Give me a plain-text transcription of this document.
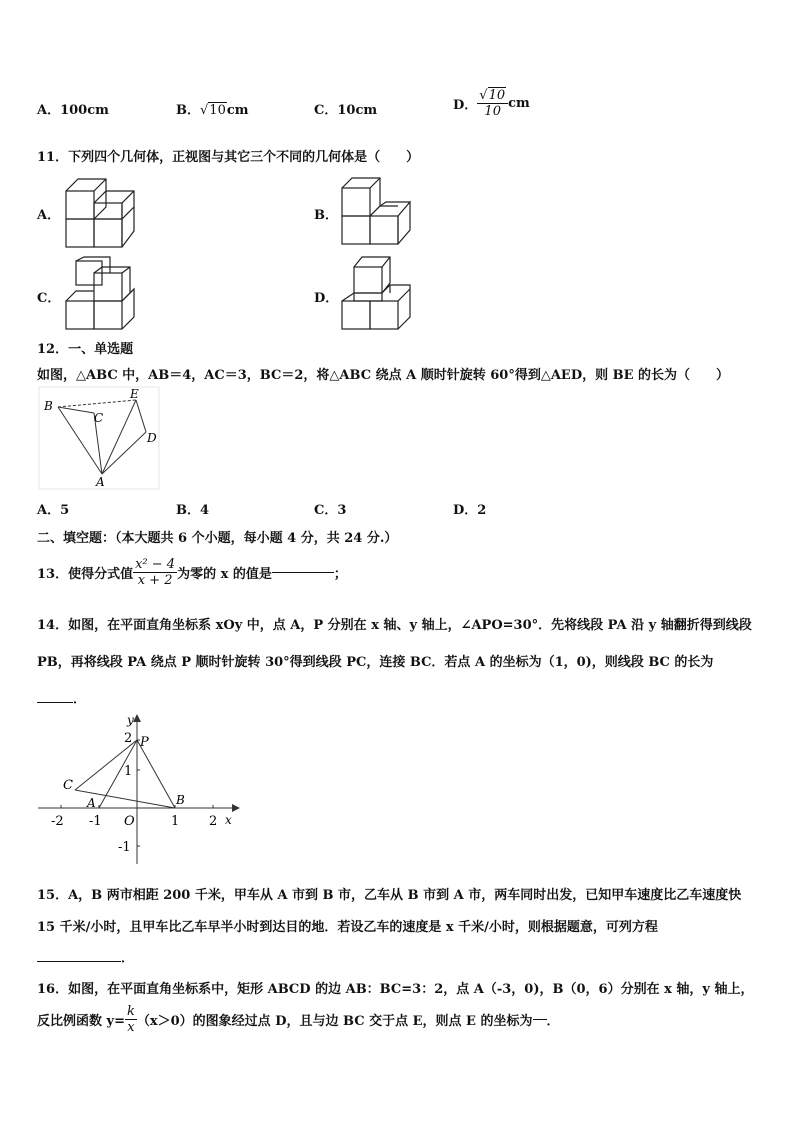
A．100cm	B．√10cm	C．10cm	D． $\frac{√10}{10}$ cm
11．下列四个几何体，正视图与其它三个不同的几何体是（　　）
A．	B．
C．	D．
12．一、单选题
如图，△ABC 中，AB＝4，AC＝3，BC＝2，将△ABC 绕点 A 顺时针旋转 60°得到△AED，则 BE 的长为（　　）
B
C
E
D
A
A．5	B．4	C．3	D．2
二、填空题：（本大题共 6 个小题，每小题 4 分，共 24 分.）
13．使得分式值 $\frac{\text{x² − 4}}{x + 2}$ 为零的 x 的值是	；
14．如图，在平面直角坐标系 xOy 中，点 A，P 分别在 x 轴、y 轴上，∠APO=30°．先将线段 PA 沿 y 轴翻折得到线段
PB，再将线段 PA 绕点 P 顺时针旋转 30°得到线段 PC，连接 BC．若点 A 的坐标为（1，0)，则线段 BC 的长为
．
-2 -1	1 2
2
1
-1
x
y
O
P
C
A	B
15．A，B 两市相距 200 千米，甲车从 A 市到 B 市，乙车从 B 市到 A 市，两车同时出发，已知甲车速度比乙车速度快
15 千米/小时，且甲车比乙车早半小时到达目的地．若设乙车的速度是 x 千米/小时，则根据题意，可列方程
．
16．如图，在平面直角坐标系中，矩形 ABCD 的边 AB：BC=3：2，点 A（-3，0)，B（0，6）分别在 x 轴，y 轴上，
反比例函数 $y= \frac{k}{x} (x>0)$的图象经过点 D，且与边 BC 交于点 E，则点 E 的坐标为 ．
